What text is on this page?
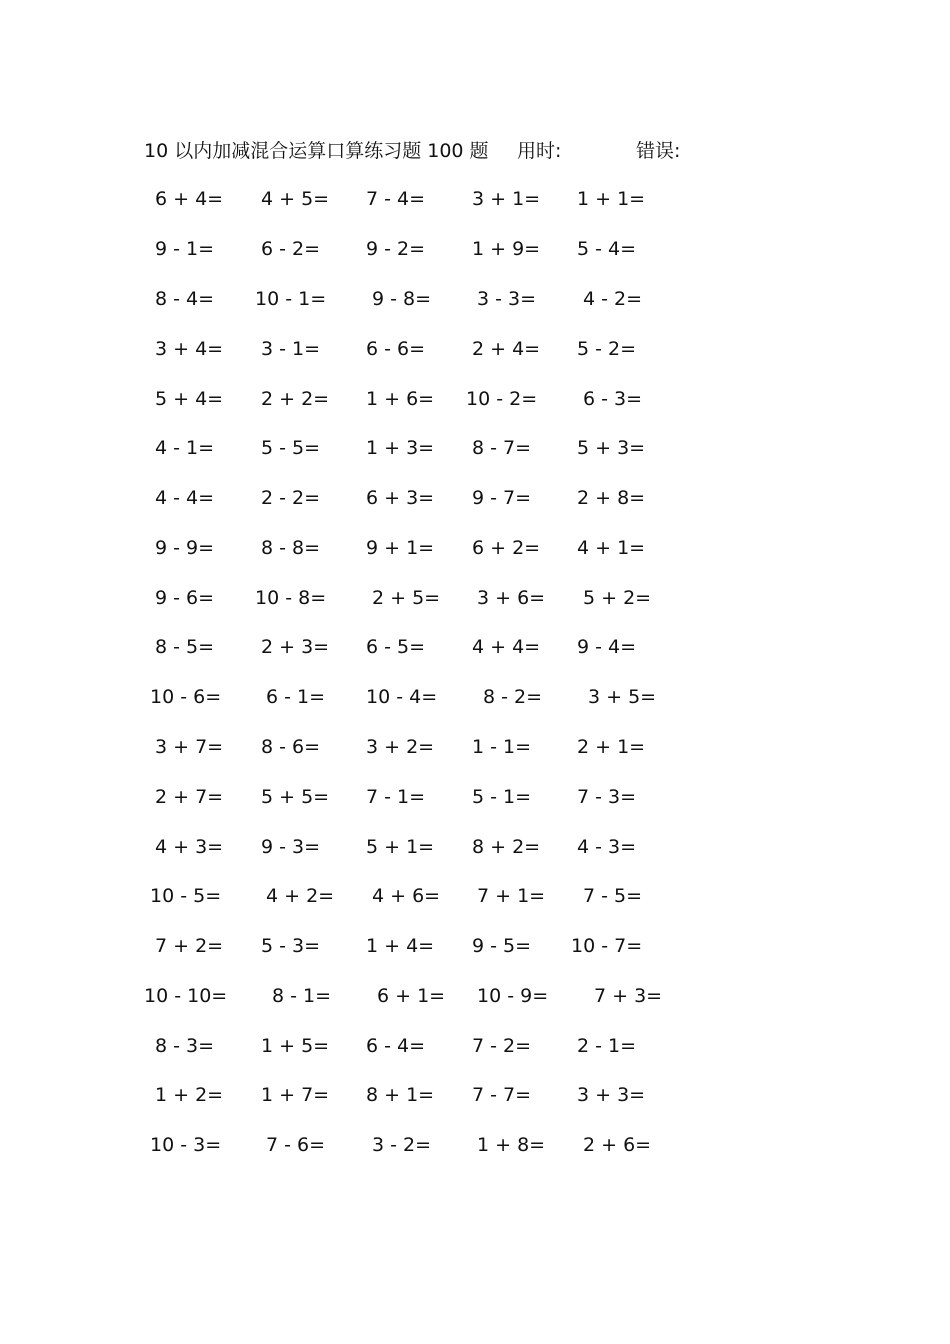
10 以内加减混合运算口算练习题 100 题 用时:	错误:
6 + 4= 4 + 5= 7 - 4= 3 + 1= 1 + 1=
9 - 1= 6 - 2= 9 - 2= 1 + 9= 5 - 4=
8 - 4= 10 - 1= 9 - 8= 3 - 3= 4 - 2=
3 + 4= 3 - 1= 6 - 6= 2 + 4= 5 - 2=
5 + 4= 2 + 2= 1 + 6= 10 - 2= 6 - 3=
4 - 1= 5 - 5= 1 + 3= 8 - 7= 5 + 3=
4 - 4= 2 - 2= 6 + 3= 9 - 7= 2 + 8=
9 - 9= 8 - 8= 9 + 1= 6 + 2= 4 + 1=
9 - 6= 10 - 8= 2 + 5= 3 + 6= 5 + 2=
8 - 5= 2 + 3= 6 - 5= 4 + 4= 9 - 4=
10 - 6= 6 - 1= 10 - 4= 8 - 2= 3 + 5=
3 + 7= 8 - 6= 3 + 2= 1 - 1= 2 + 1=
2 + 7= 5 + 5= 7 - 1= 5 - 1= 7 - 3=
4 + 3= 9 - 3= 5 + 1= 8 + 2= 4 - 3=
10 - 5= 4 + 2= 4 + 6= 7 + 1= 7 - 5=
7 + 2= 5 - 3= 1 + 4= 9 - 5= 10 - 7=
10 - 10= 8 - 1= 6 + 1= 10 - 9= 7 + 3=
8 - 3= 1 + 5= 6 - 4= 7 - 2= 2 - 1=
1 + 2= 1 + 7= 8 + 1= 7 - 7= 3 + 3=
10 - 3= 7 - 6= 3 - 2= 1 + 8= 2 + 6=
